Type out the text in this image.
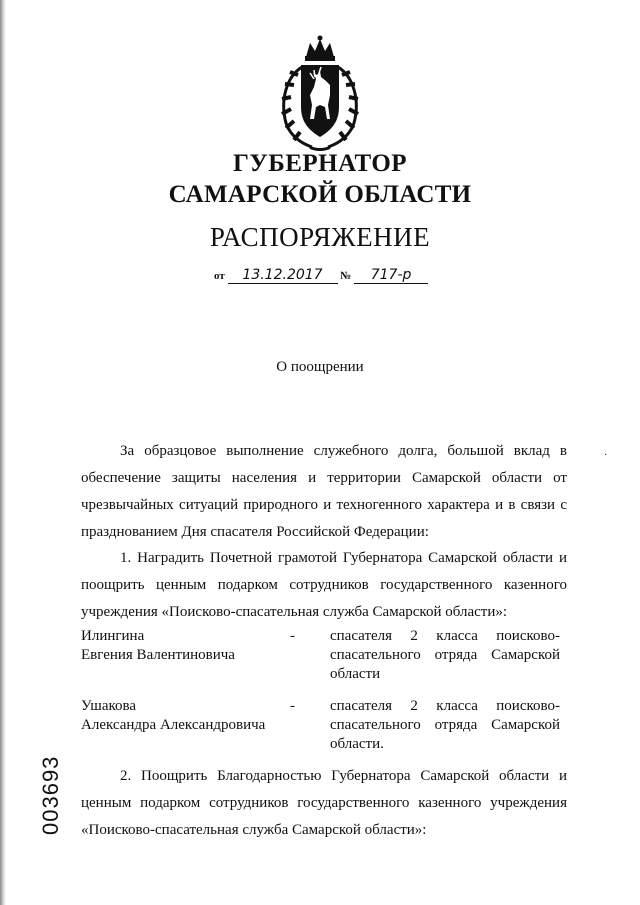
ГУБЕРНАТОР
САМАРСКОЙ ОБЛАСТИ
РАСПОРЯЖЕНИЕ
от 13.12.2017 № 717-р
О поощрении
За образцовое выполнение служебного долга, большой вклад в обеспечение защиты населения и территории Самарской области от чрезвычайных ситуаций природного и техногенного характера и в связи с празднованием Дня спасателя Российской Федерации:
1. Наградить Почетной грамотой Губернатора Самарской области и поощрить ценным подарком сотрудников государственного казенного учреждения «Поисково-спасательная служба Самарской области»:
Илингина
Евгения Валентиновича
- спасателя 2 класса поисково-спасательного отряда Самарской области
Ушакова
Александра Александровича
- спасателя 2 класса поисково-спасательного отряда Самарской области.
2. Поощрить Благодарностью Губернатора Самарской области и ценным подарком сотрудников государственного казенного учреждения «Поисково-спасательная служба Самарской области»:
003693
·
